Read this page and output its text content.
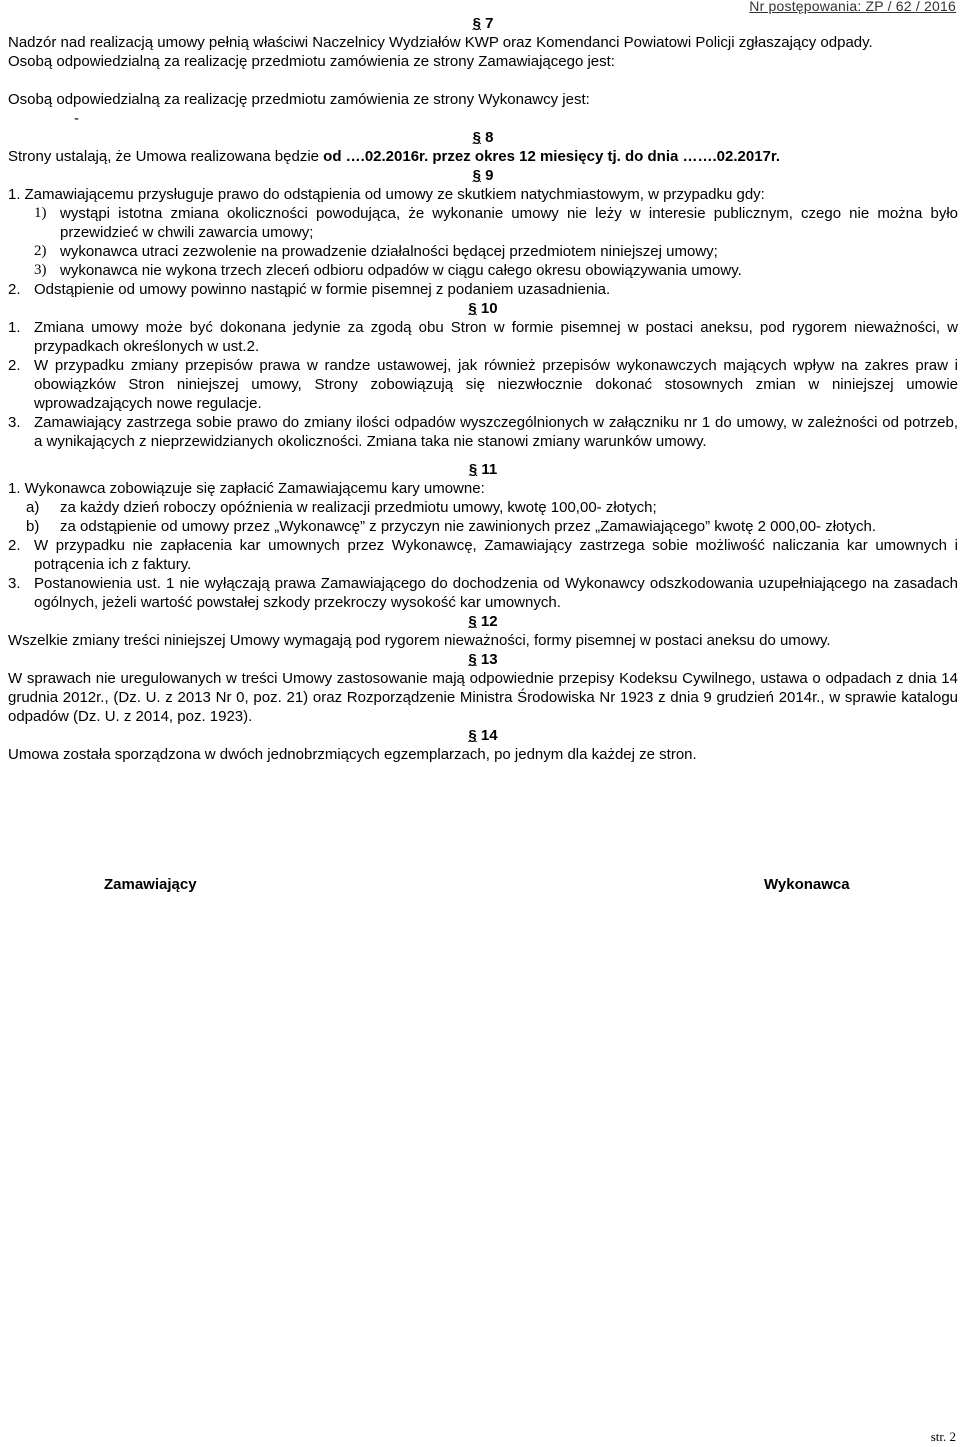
Nr postępowania: ZP / 62 / 2016
§ 7

Nadzór nad realizacją umowy pełnią właściwi Naczelnicy Wydziałów KWP oraz Komendanci Powiatowi Policji zgłaszający odpady.

Osobą odpowiedzialną za realizację przedmiotu zamówienia ze strony Zamawiającego jest:

Osobą odpowiedzialną za realizację przedmiotu zamówienia ze strony Wykonawcy jest:

-

§ 8

Strony ustalają, że Umowa realizowana będzie od ….02.2016r. przez okres 12 miesięcy tj. do dnia …….02.2017r.

§ 9
1. Zamawiającemu przysługuje prawo do odstąpienia od umowy ze skutkiem natychmiastowym, w przypadku gdy:
1) wystąpi istotna zmiana okoliczności powodująca, że wykonanie umowy nie leży w interesie publicznym, czego nie można było przewidzieć w chwili zawarcia umowy;
2) wykonawca utraci zezwolenie na prowadzenie działalności będącej przedmiotem niniejszej umowy;
3) wykonawca nie wykona trzech zleceń odbioru odpadów w ciągu całego okresu obowiązywania umowy.
2. Odstąpienie od umowy powinno nastąpić w formie pisemnej z podaniem uzasadnienia.
§ 10
1. Zmiana umowy może być dokonana jedynie za zgodą obu Stron w formie pisemnej w postaci aneksu, pod rygorem nieważności, w przypadkach określonych w ust.2.
2. W przypadku zmiany przepisów prawa w randze ustawowej, jak również przepisów wykonawczych mających wpływ na zakres praw i obowiązków Stron niniejszej umowy, Strony zobowiązują się niezwłocznie dokonać stosownych zmian w niniejszej umowie wprowadzających nowe regulacje.
3. Zamawiający zastrzega sobie prawo do zmiany ilości odpadów wyszczególnionych w załączniku nr 1 do umowy, w zależności od potrzeb, a wynikających z nieprzewidzianych okoliczności. Zmiana taka nie stanowi zmiany warunków umowy.
§ 11

1. Wykonawca zobowiązuje się zapłacić Zamawiającemu kary umowne:

a)	za każdy dzień roboczy opóźnienia w realizacji przedmiotu umowy, kwotę 100,00- złotych;
b)	za odstąpienie od umowy przez „Wykonawcę” z przyczyn nie zawinionych przez „Zamawiającego” kwotę 2 000,00- złotych.
2. W przypadku nie zapłacenia kar umownych przez Wykonawcę, Zamawiający zastrzega sobie możliwość naliczania kar umownych i potrącenia ich z faktury.
3. Postanowienia ust. 1 nie wyłączają prawa Zamawiającego do dochodzenia od Wykonawcy odszkodowania uzupełniającego na zasadach ogólnych, jeżeli wartość powstałej szkody przekroczy wysokość kar umownych.
§ 12

Wszelkie zmiany treści niniejszej Umowy wymagają pod rygorem nieważności, formy pisemnej w postaci aneksu do umowy.

§ 13

W sprawach nie uregulowanych w treści Umowy zastosowanie mają odpowiednie przepisy Kodeksu Cywilnego, ustawa o odpadach z dnia 14 grudnia 2012r., (Dz. U. z 2013 Nr 0, poz. 21) oraz Rozporządzenie Ministra Środowiska Nr 1923 z dnia 9 grudzień 2014r., w sprawie katalogu odpadów (Dz. U. z 2014, poz. 1923).

§ 14

Umowa została sporządzona w dwóch jednobrzmiących egzemplarzach, po jednym dla każdej ze stron.

Zamawiający	Wykonawca
str. 2
